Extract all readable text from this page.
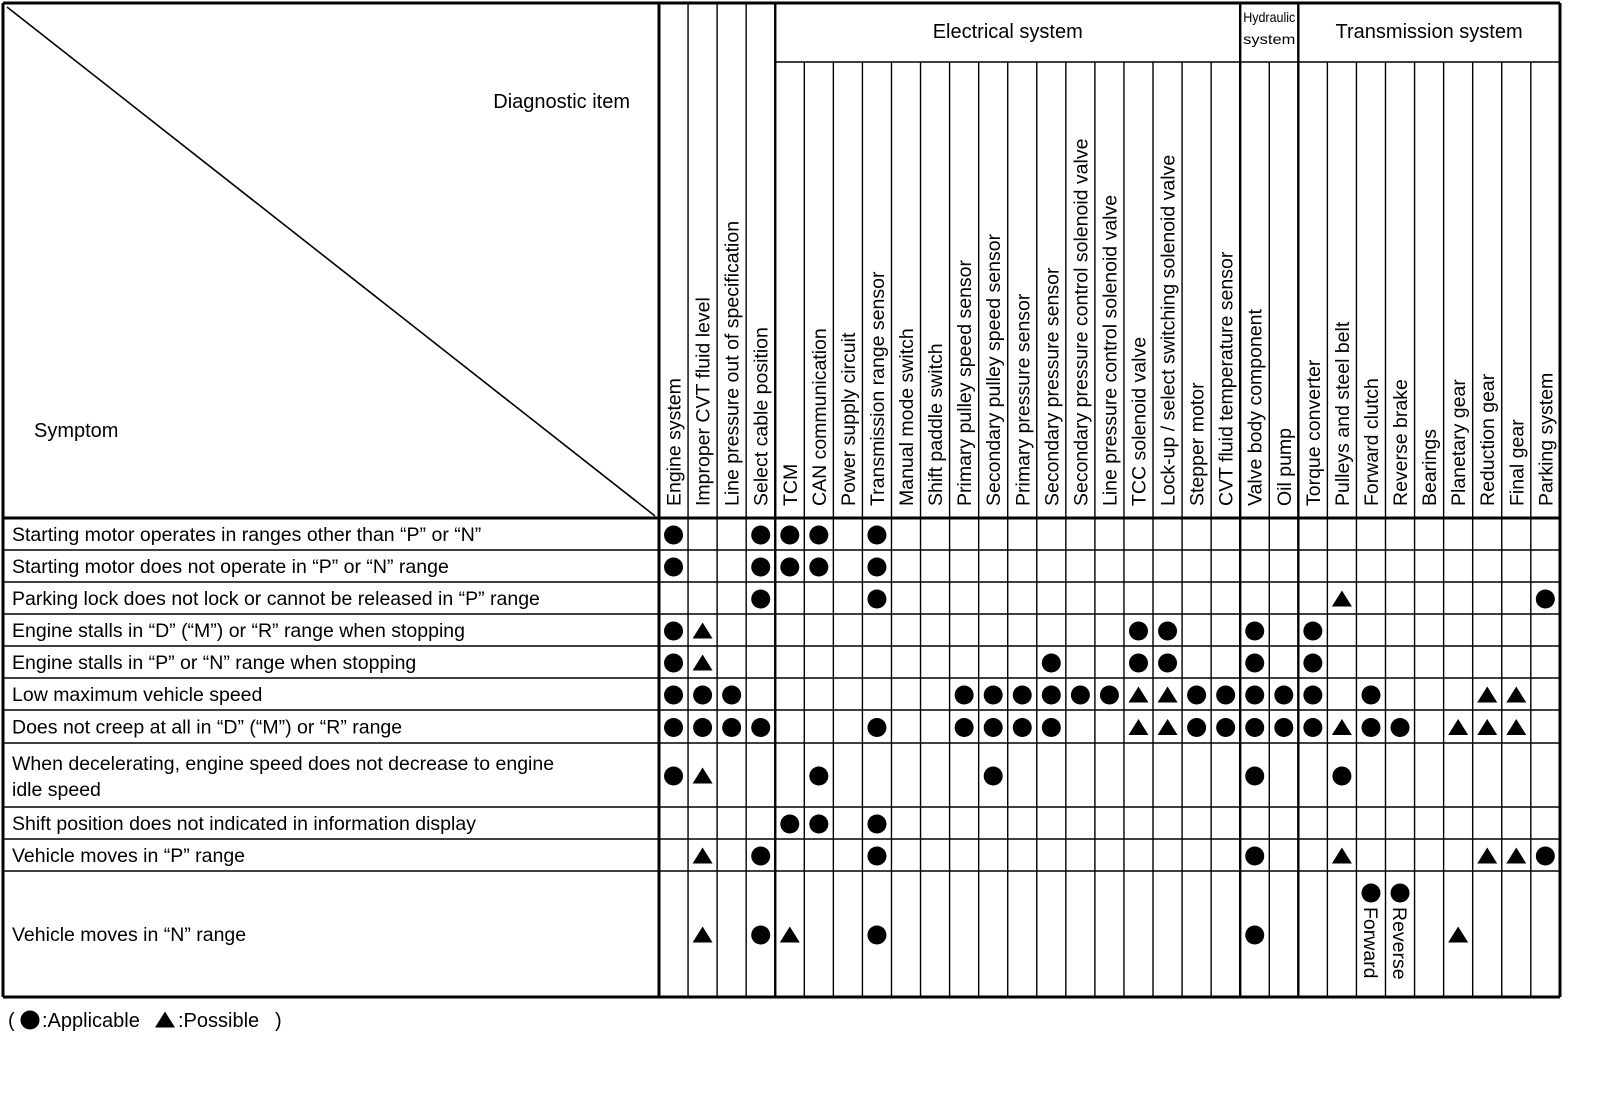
Diagnostic item
Symptom
Electrical system
Hydraulic
system Transmission system
Engine system Improper CVT fluid level Line pressure out of specification Select cable position TCM CAN communication Power supply circuit Transmission range sensor Manual mode switch Shift paddle switch Primary pulley speed sensor Secondary pulley speed sensor Primary pressure sensor Secondary pressure sensor Secondary pressure control solenoid valve Line pressure control solenoid valve TCC solenoid valve Lock-up / select switching solenoid valve Stepper motor CVT fluid temperature sensor Valve body component Oil pump Torque converter Pulleys and steel belt Forward clutch Reverse brake Bearings Planetary gear Reduction gear Final gear Parking system
Starting motor operates in ranges other than “P” or “N”
Starting motor does not operate in “P” or “N” range
Parking lock does not lock or cannot be released in “P” range
Engine stalls in “D” (“M”) or “R” range when stopping
Engine stalls in “P” or “N” range when stopping
Low maximum vehicle speed
Does not creep at all in “D” (“M”) or “R” range
When decelerating, engine speed does not decrease to engine
idle speed
Shift position does not indicated in information display
Vehicle moves in “P” range
Vehicle moves in “N” range	Forward Reverse
( :Applicable :Possible )
